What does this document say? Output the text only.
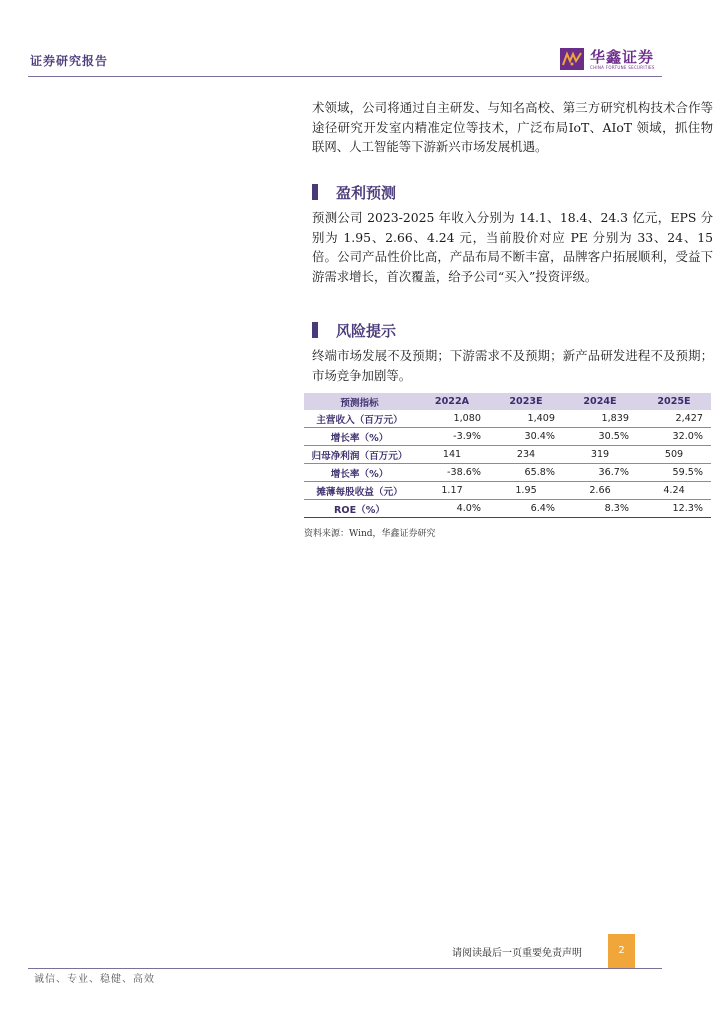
证券研究报告	华鑫证券
CHINA FORTUNE SECURITIES

术领域，公司将通过自主研发、与知名高校、第三方研究机构技术合作等途径研究开发室内精准定位等技术，广泛布局IoT、AIoT 领域，抓住物联网、人工智能等下游新兴市场发展机遇。

盈利预测

预测公司 2023-2025 年收入分别为 14.1、18.4、24.3 亿元，EPS 分别为 1.95、2.66、4.24 元，当前股价对应 PE 分别为 33、24、15 倍。公司产品性价比高，产品布局不断丰富，品牌客户拓展顺利，受益下游需求增长，首次覆盖，给予公司“买入”投资评级。

风险提示

终端市场发展不及预期；下游需求不及预期；新产品研发进程不及预期；市场竞争加剧等。

预测指标	2022A	2023E	2024E	2025E
主营收入（百万元）	1,080	1,409	1,839	2,427
增长率（%）	-3.9%	30.4%	30.5%	32.0%
归母净利润（百万元）	141	234	319	509
增长率（%）	-38.6%	65.8%	36.7%	59.5%
摊薄每股收益（元）	1.17	1.95	2.66	4.24
ROE（%）	4.0%	6.4%	8.3%	12.3%
资料来源：Wind，华鑫证券研究
请阅读最后一页重要免责声明	2
诚信、专业、稳健、高效
